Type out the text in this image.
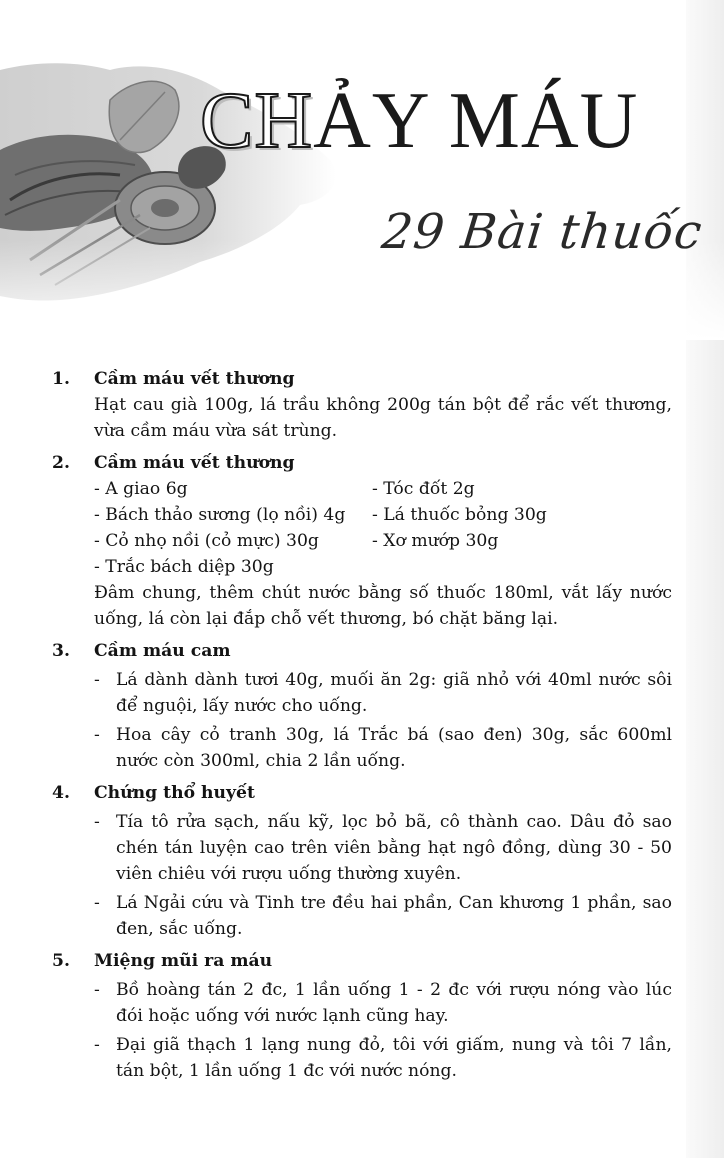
CHẢY MÁU
29 Bài thuốc
1.	Cầm máu vết thương
Hạt cau già 100g, lá trầu không 200g tán bột để rắc vết thương, vừa cầm máu vừa sát trùng.
2.	Cầm máu vết thương
- A giao 6g	- Tóc đốt 2g
- Bách thảo sương (lọ nồi) 4g	- Lá thuốc bỏng 30g
- Cỏ nhọ nồi (cỏ mực) 30g	- Xơ mướp 30g
- Trắc bách diệp 30g
Đâm chung, thêm chút nước bằng số thuốc 180ml, vắt lấy nước uống, lá còn lại đắp chỗ vết thương, bó chặt băng lại.
3.	Cầm máu cam
- Lá dành dành tươi 40g, muối ăn 2g: giã nhỏ với 40ml nước sôi để nguội, lấy nước cho uống.
- Hoa cây cỏ tranh 30g, lá Trắc bá (sao đen) 30g, sắc 600ml nước còn 300ml, chia 2 lần uống.
4.	Chứng thổ huyết
- Tía tô rửa sạch, nấu kỹ, lọc bỏ bã, cô thành cao. Dâu đỏ sao chén tán luyện cao trên viên bằng hạt ngô đồng, dùng 30 - 50 viên chiêu với rượu uống thường xuyên.
- Lá Ngải cứu và Tinh tre đều hai phần, Can khương 1 phần, sao đen, sắc uống.
5.	Miệng mũi ra máu
- Bồ hoàng tán 2 đc, 1 lần uống 1 - 2 đc với rượu nóng vào lúc đói hoặc uống với nước lạnh cũng hay.
- Đại giã thạch 1 lạng nung đỏ, tôi với giấm, nung và tôi 7 lần, tán bột, 1 lần uống 1 đc với nước nóng.
